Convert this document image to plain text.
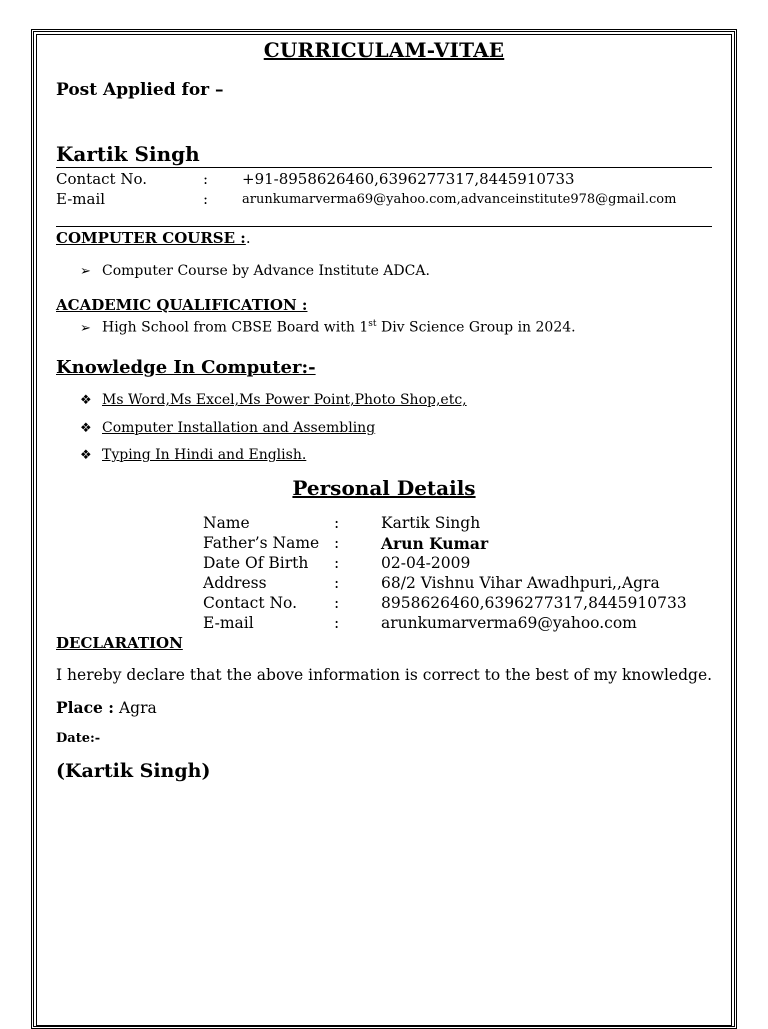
CURRICULAM-VITAE
Post Applied for –
Kartik Singh
Contact No.	: +91-8958626460,6396277317,8445910733
E-mail	:	arunkumarverma69@yahoo.com,advanceinstitute978@gmail.com
COMPUTER COURSE :.
➢ Computer Course by Advance Institute ADCA.
ACADEMIC QUALIFICATION :
➢ High School from CBSE Board with 1st Div Science Group in 2024.
Knowledge In Computer:-
❖ Ms Word,Ms Excel,Ms Power Point,Photo Shop,etc,
❖ Computer Installation and Assembling
❖ Typing In Hindi and English.
Personal Details
Name	:	Kartik Singh
Father’s Name :	Arun Kumar
Date Of Birth :	02-04-2009
Address	:	68/2 Vishnu Vihar Awadhpuri,,Agra
Contact No. :	8958626460,6396277317,8445910733
E-mail	:	arunkumarverma69@yahoo.com
DECLARATION
I hereby declare that the above information is correct to the best of my knowledge.
Place : Agra
Date:-
(Kartik Singh)
